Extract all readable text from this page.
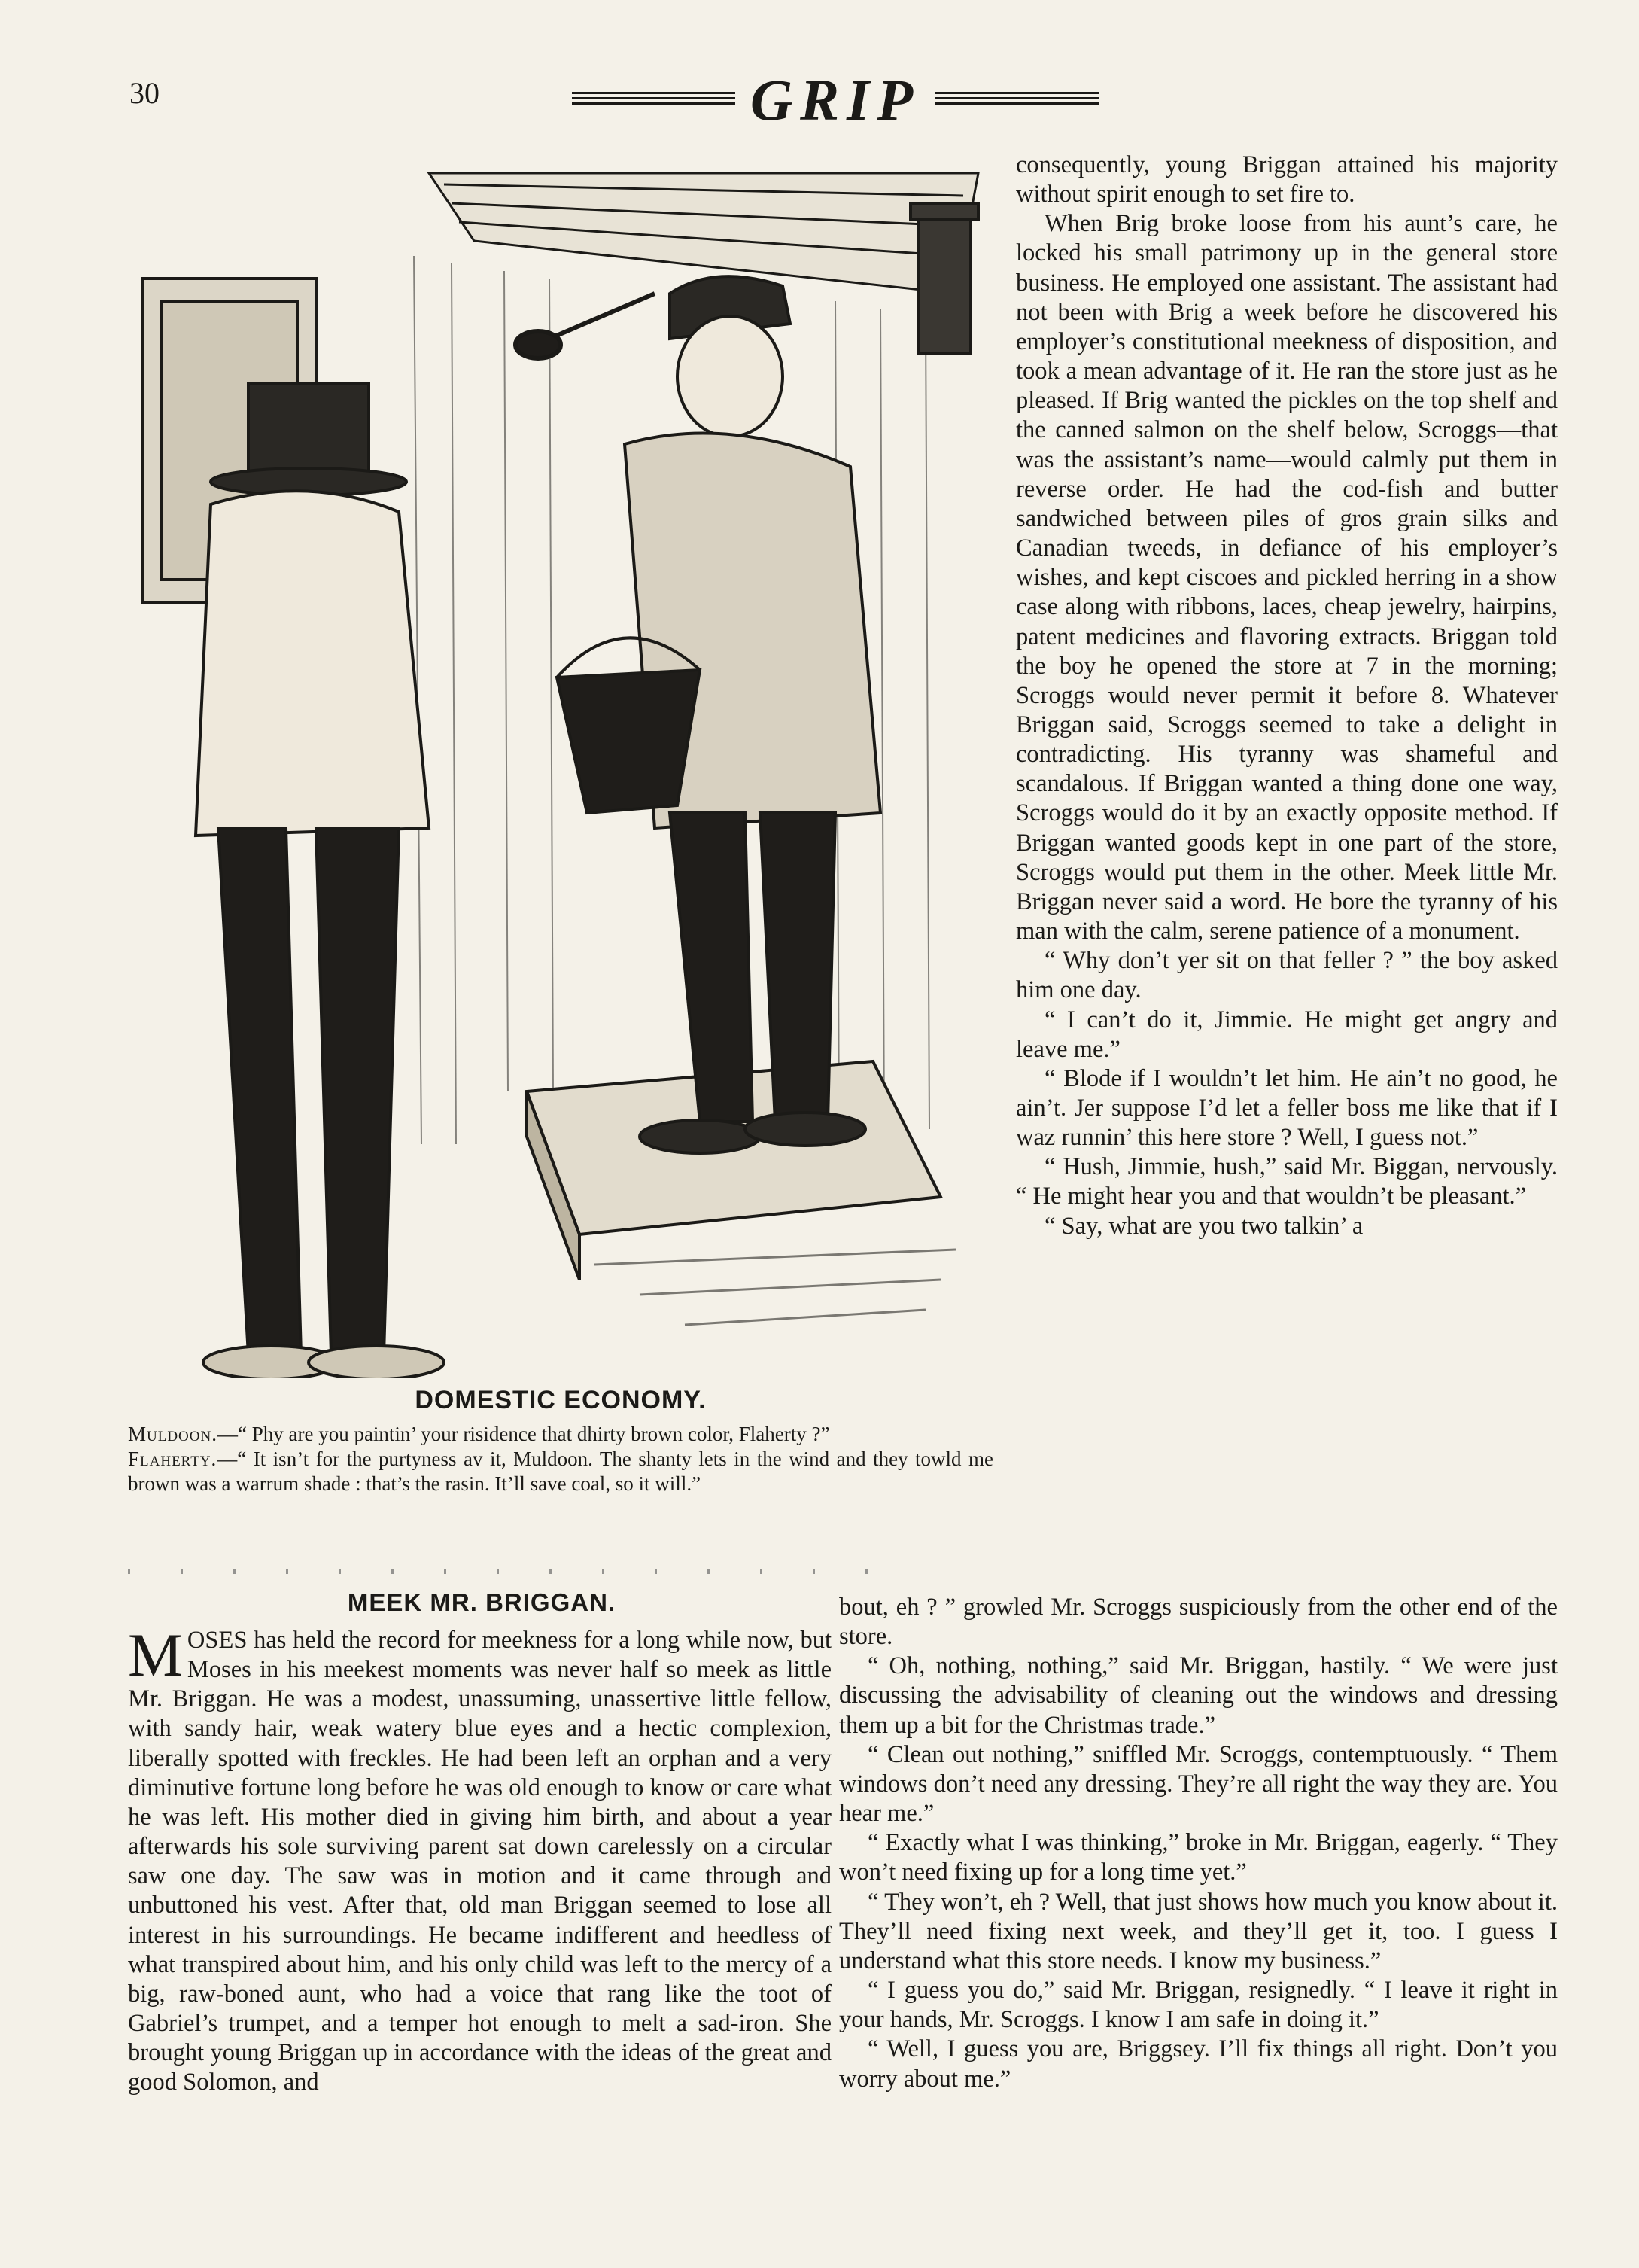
30	GRIP
DOMESTIC ECONOMY.

Muldoon.—“ Phy are you paintin’ your risidence that dhirty brown color, Flaherty ?”

Flaherty.—“ It isn’t for the purtyness av it, Muldoon. The shanty lets in the wind and they towld me brown was a warrum shade : that’s the rasin. It’ll save coal, so it will.”

consequently, young Briggan attained his majority without spirit enough to set fire to.

When Brig broke loose from his aunt’s care, he locked his small patrimony up in the general store business. He employed one assistant. The assistant had not been with Brig a week before he discovered his employer’s constitutional meekness of disposition, and took a mean advantage of it. He ran the store just as he pleased. If Brig wanted the pickles on the top shelf and the canned salmon on the shelf below, Scroggs—that was the assistant’s name—would calmly put them in reverse order. He had the cod-fish and butter sandwiched between piles of gros grain silks and Canadian tweeds, in defiance of his employer’s wishes, and kept ciscoes and pickled herring in a show case along with ribbons, laces, cheap jewelry, hairpins, patent medicines and flavoring extracts. Briggan told the boy he opened the store at 7 in the morning; Scroggs would never permit it before 8. Whatever Briggan said, Scroggs seemed to take a delight in contradicting. His tyranny was shameful and scandalous. If Briggan wanted a thing done one way, Scroggs would do it by an exactly opposite method. If Briggan wanted goods kept in one part of the store, Scroggs would put them in the other. Meek little Mr. Briggan never said a word. He bore the tyranny of his man with the calm, serene patience of a monument.

“ Why don’t yer sit on that feller ? ” the boy asked him one day.

“ I can’t do it, Jimmie. He might get angry and leave me.”

“ Blode if I wouldn’t let him. He ain’t no good, he ain’t. Jer suppose I’d let a feller boss me like that if I waz runnin’ this here store ? Well, I guess not.”

“ Hush, Jimmie, hush,” said Mr. Biggan, nervously. “ He might hear you and that wouldn’t be pleasant.”

“ Say, what are you two talkin’ a

MEEK MR. BRIGGAN.

MOSES has held the record for meekness for a long while now, but Moses in his meekest moments was never half so meek as little Mr. Briggan. He was a modest, unassuming, unassertive little fellow, with sandy hair, weak watery blue eyes and a hectic complexion, liberally spotted with freckles. He had been left an orphan and a very diminutive fortune long before he was old enough to know or care what he was left. His mother died in giving him birth, and about a year afterwards his sole surviving parent sat down carelessly on a circular saw one day. The saw was in motion and it came through and unbuttoned his vest. After that, old man Briggan seemed to lose all interest in his surroundings. He became indifferent and heedless of what transpired about him, and his only child was left to the mercy of a big, raw-boned aunt, who had a voice that rang like the toot of Gabriel’s trumpet, and a temper hot enough to melt a sad-iron. She brought young Briggan up in accordance with the ideas of the great and good Solomon, and

bout, eh ? ” growled Mr. Scroggs suspiciously from the other end of the store.

“ Oh, nothing, nothing,” said Mr. Briggan, hastily. “ We were just discussing the advisability of cleaning out the windows and dressing them up a bit for the Christmas trade.”

“ Clean out nothing,” sniffled Mr. Scroggs, contemptuously. “ Them windows don’t need any dressing. They’re all right the way they are. You hear me.”

“ Exactly what I was thinking,” broke in Mr. Briggan, eagerly. “ They won’t need fixing up for a long time yet.”

“ They won’t, eh ? Well, that just shows how much you know about it. They’ll need fixing next week, and they’ll get it, too. I guess I understand what this store needs. I know my business.”

“ I guess you do,” said Mr. Briggan, resignedly. “ I leave it right in your hands, Mr. Scroggs. I know I am safe in doing it.”

“ Well, I guess you are, Briggsey. I’ll fix things all right. Don’t you worry about me.”
